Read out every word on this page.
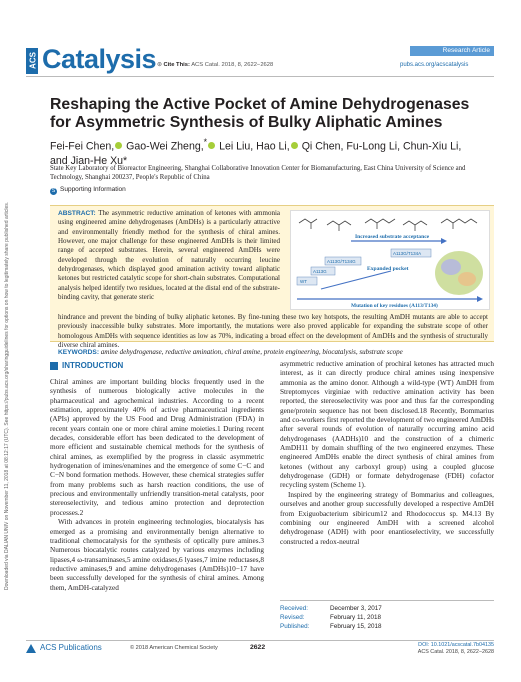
Downloaded via DALIAN UNIV on November 11, 2018 at 08:12:17 (UTC). See https://pubs.acs.org/sharingguidelines for options on how to legitimately share published articles.
ACS Catalysis	Research Article
⊛ Cite This: ACS Catal. 2018, 8, 2622−2628	pubs.acs.org/acscatalysis
Reshaping the Active Pocket of Amine Dehydrogenases for Asymmetric Synthesis of Bulky Aliphatic Amines
Fei-Fei Chen, Gao-Wei Zheng,* Lei Liu, Hao Li, Qi Chen, Fu-Long Li, Chun-Xiu Li,
and Jian-He Xu*
State Key Laboratory of Bioreactor Engineering, Shanghai Collaborative Innovation Center for Biomanufacturing, East China University of Science and Technology, Shanghai 200237, People's Republic of China
S Supporting Information
ABSTRACT: The asymmetric reductive amination of ketones with ammonia using engineered amine dehydrogenases (AmDHs) is a particularly attractive and environmentally friendly method for the synthesis of chiral amines. However, one major challenge for these engineered AmDHs is their limited range of accepted substrates. Herein, several engineered AmDHs were developed through the evolution of naturally occurring leucine dehydrogenases, which displayed good amination activity toward aliphatic ketones but restricted catalytic scope for short-chain substrates. Computational analysis helped identify two residues, located at the distal end of the substrate-binding cavity, that generate steric
Increased substrate acceptance
WT
A113G
A113G/T134G
A113G/T134A
Expanded pocket
Mutation of key residues (A113/T134)
hindrance and prevent the binding of bulky aliphatic ketones. By fine-tuning these two key hotspots, the resulting AmDH mutants are able to accept previously inaccessible bulky substrates. More importantly, the mutations were also proved applicable for expanding the substrate scope of other homologous AmDHs with sequence identities as low as 70%, indicating a broad effect on the development of AmDHs and the synthesis of structurally diverse chiral amines.
KEYWORDS: amine dehydrogenase, reductive amination, chiral amine, protein engineering, biocatalysis, substrate scope
INTRODUCTION

Chiral amines are important building blocks frequently used in the synthesis of numerous biologically active molecules in the pharmaceutical and agrochemical industries. According to a recent estimation, approximately 40% of active pharmaceutical ingredients (APIs) approved by the US Food and Drug Administration (FDA) in recent years contain one or more chiral amine moieties.1 During recent decades, considerable effort has been dedicated to the development of more efficient and sustainable chemical methods for the synthesis of chiral amines, as exemplified by the progress in classic asymmetric hydrogenation of imines/enamines and the emergence of some C−C and C−N bond formation methods. However, these chemical strategies suffer from many problems such as harsh reaction conditions, the use of precious and environmentally unfriendly transition-metal catalysts, poor stereoselectivity, and tedious amino protection and deprotection processes.2

With advances in protein engineering technologies, biocatalysis has emerged as a promising and environmentally benign alternative to traditional chemocatalysis for the synthesis of optically pure amines.3 Numerous biocatalytic routes catalyzed by various enzymes including lipases,4 ω-transaminases,5 amine oxidases,6 lyases,7 imine reductases,8 reductive aminases,9 and amine dehydrogenases (AmDHs)10−17 have been successfully developed for the synthesis of chiral amines. Among them, AmDH-catalyzed

asymmetric reductive amination of prochiral ketones has attracted much interest, as it can directly produce chiral amines using inexpensive ammonia as the amino donor. Although a wild-type (WT) AmDH from Streptomyces virginiae with reductive amination activity has been reported, the stereoselectivity was poor and thus far the corresponding gene/protein sequence has not been disclosed.18 Recently, Bommarius and co-workers first reported the development of two engineered AmDHs after several rounds of evolution of naturally occurring amino acid dehydrogenases (AADHs)10 and the construction of a chimeric AmDH11 by domain shuffling of the two engineered enzymes. These engineered AmDHs enable the direct synthesis of chiral amines from ketones (without any carboxyl group) using a coupled glucose dehydrogenase (GDH) or formate dehydrogenase (FDH) cofactor recycling system (Scheme 1).

Inspired by the engineering strategy of Bommarius and colleagues, ourselves and another group successfully developed a respective AmDH from Exiguobacterium sibiricum12 and Rhodococcus sp. M4.13 By combining our engineered AmDH with a screened alcohol dehydrogenase (ADH) with poor enantioselectivity, we successfully constructed a redox-neutral

Received:	December 3, 2017
Revised:	February 11, 2018
Published:	February 15, 2018
ACS Publications	© 2018 American Chemical Society	2622	DOI: 10.1021/acscatal.7b04135
ACS Catal. 2018, 8, 2622−2628
